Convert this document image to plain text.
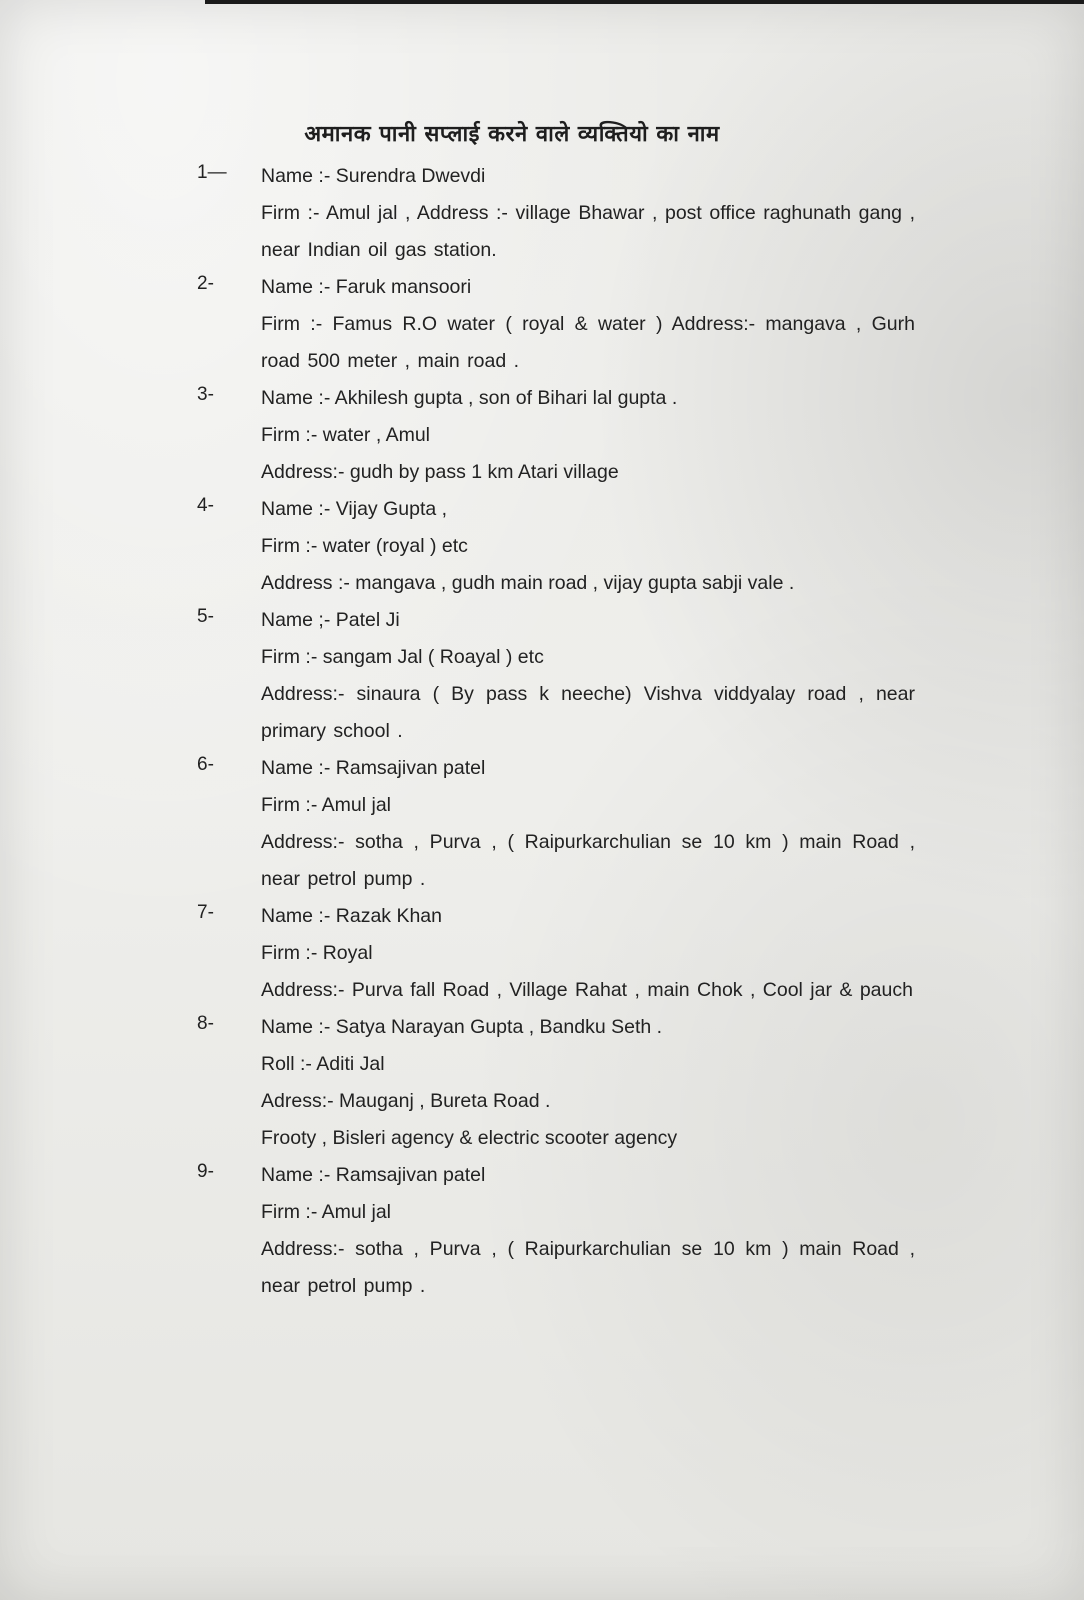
अमानक पानी सप्लाई करने वाले व्यक्तियो का नाम
1—	Name :- Surendra Dwevdi
Firm :- Amul jal , Address :- village Bhawar , post office raghunath gang , near Indian oil gas station.
2-	Name :- Faruk mansoori
Firm :- Famus R.O water ( royal & water ) Address:- mangava , Gurh road 500 meter , main road .
3-	Name :- Akhilesh gupta , son of Bihari lal gupta .
Firm :- water , Amul
Address:- gudh by pass 1 km Atari village
4-	Name :- Vijay Gupta ,
Firm :- water (royal ) etc
Address :- mangava , gudh main road , vijay gupta sabji vale .
5-	Name ;- Patel Ji
Firm :- sangam Jal ( Roayal ) etc
Address:- sinaura ( By pass k neeche) Vishva viddyalay road , near primary school .
6-	Name :- Ramsajivan patel
Firm :- Amul jal
Address:- sotha , Purva , ( Raipurkarchulian se 10 km ) main Road , near petrol pump .
7-	Name :- Razak Khan
Firm :- Royal
Address:- Purva fall Road , Village Rahat , main Chok , Cool jar & pauch
8-	Name :- Satya Narayan Gupta , Bandku Seth .
Roll :- Aditi Jal
Adress:- Mauganj , Bureta Road .
Frooty , Bisleri agency & electric scooter agency
9-	Name :- Ramsajivan patel
Firm :- Amul jal
Address:- sotha , Purva , ( Raipurkarchulian se 10 km ) main Road , near petrol pump .
